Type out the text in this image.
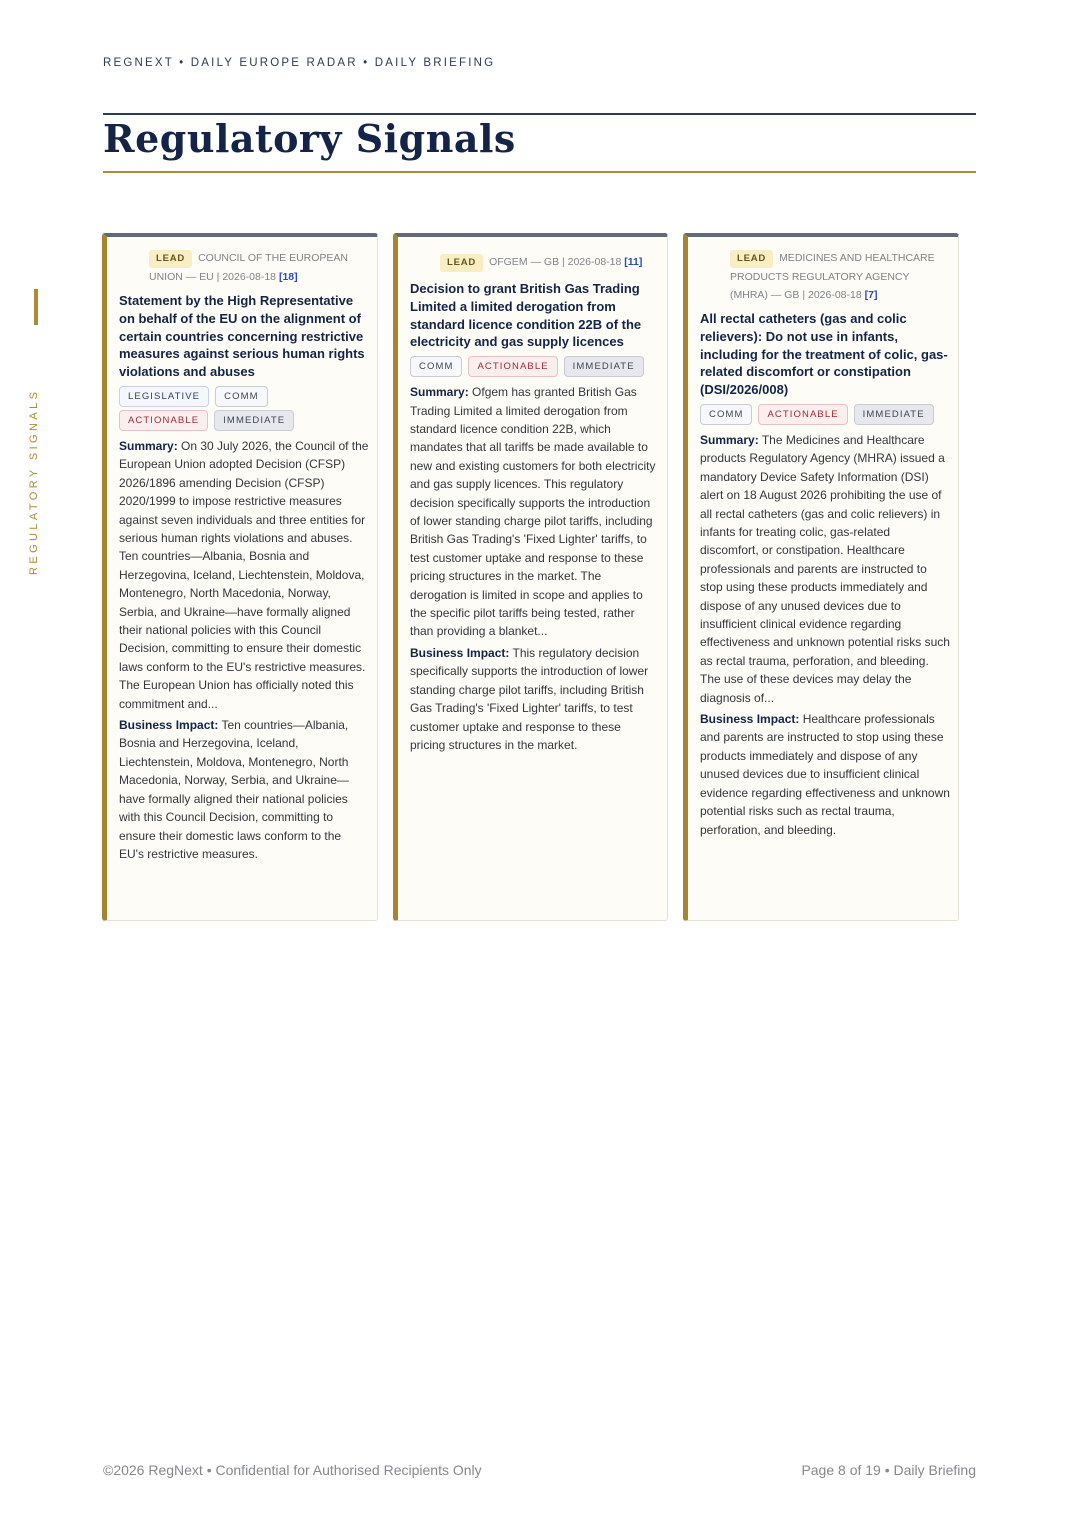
REGNEXT • DAILY EUROPE RADAR • DAILY BRIEFING
Regulatory Signals
REGULATORY SIGNALS
LEAD COUNCIL OF THE EUROPEAN UNION — EU | 2026-08-18 [18]
Statement by the High Representative on behalf of the EU on the alignment of certain countries concerning restrictive measures against serious human rights violations and abuses
LEGISLATIVE	COMM
ACTIONABLE	IMMEDIATE
Summary: On 30 July 2026, the Council of the European Union adopted Decision (CFSP) 2026/1896 amending Decision (CFSP) 2020/1999 to impose restrictive measures against seven individuals and three entities for serious human rights violations and abuses. Ten countries—Albania, Bosnia and Herzegovina, Iceland, Liechtenstein, Moldova, Montenegro, North Macedonia, Norway, Serbia, and Ukraine—have formally aligned their national policies with this Council Decision, committing to ensure their domestic laws conform to the EU's restrictive measures. The European Union has officially noted this commitment and...
Business Impact: Ten countries—Albania, Bosnia and Herzegovina, Iceland, Liechtenstein, Moldova, Montenegro, North Macedonia, Norway, Serbia, and Ukraine—have formally aligned their national policies with this Council Decision, committing to ensure their domestic laws conform to the EU's restrictive measures.
LEAD OFGEM — GB | 2026-08-18 [11]
Decision to grant British Gas Trading Limited a limited derogation from standard licence condition 22B of the electricity and gas supply licences
COMM	ACTIONABLE	IMMEDIATE
Summary: Ofgem has granted British Gas Trading Limited a limited derogation from standard licence condition 22B, which mandates that all tariffs be made available to new and existing customers for both electricity and gas supply licences. This regulatory decision specifically supports the introduction of lower standing charge pilot tariffs, including British Gas Trading's 'Fixed Lighter' tariffs, to test customer uptake and response to these pricing structures in the market. The derogation is limited in scope and applies to the specific pilot tariffs being tested, rather than providing a blanket...
Business Impact: This regulatory decision specifically supports the introduction of lower standing charge pilot tariffs, including British Gas Trading's 'Fixed Lighter' tariffs, to test customer uptake and response to these pricing structures in the market.
LEAD MEDICINES AND HEALTHCARE PRODUCTS REGULATORY AGENCY (MHRA) — GB | 2026-08-18 [7]
All rectal catheters (gas and colic relievers): Do not use in infants, including for the treatment of colic, gas-related discomfort or constipation (DSI/2026/008)
COMM	ACTIONABLE	IMMEDIATE
Summary: The Medicines and Healthcare products Regulatory Agency (MHRA) issued a mandatory Device Safety Information (DSI) alert on 18 August 2026 prohibiting the use of all rectal catheters (gas and colic relievers) in infants for treating colic, gas-related discomfort, or constipation. Healthcare professionals and parents are instructed to stop using these products immediately and dispose of any unused devices due to insufficient clinical evidence regarding effectiveness and unknown potential risks such as rectal trauma, perforation, and bleeding. The use of these devices may delay the diagnosis of...
Business Impact: Healthcare professionals and parents are instructed to stop using these products immediately and dispose of any unused devices due to insufficient clinical evidence regarding effectiveness and unknown potential risks such as rectal trauma, perforation, and bleeding.
©2026 RegNext • Confidential for Authorised Recipients Only	Page 8 of 19 • Daily Briefing
